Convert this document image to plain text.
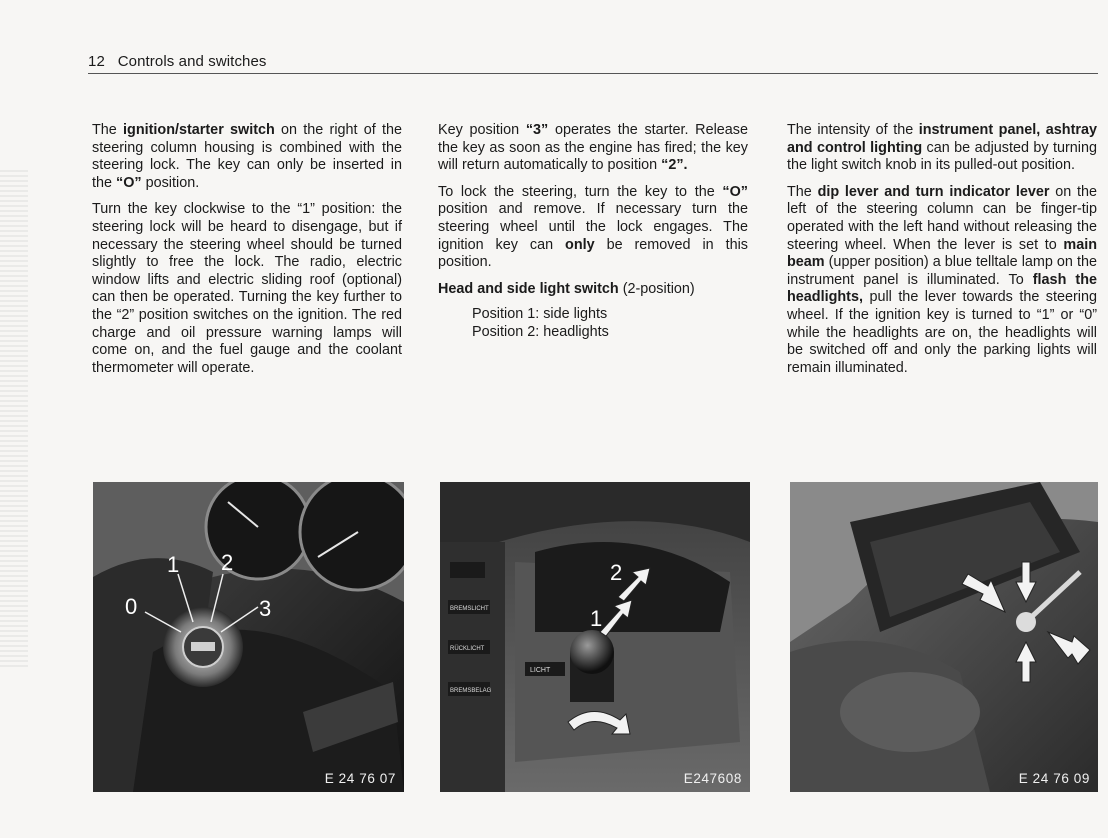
12 Controls and switches

The ignition/starter switch on the right of the steering column housing is combined with the steering lock. The key can only be inserted in the “O” position.

Turn the key clockwise to the “1” position: the steering lock will be heard to disengage, but if necessary the steering wheel should be turned slightly to free the lock. The radio, electric window lifts and electric sliding roof (optional) can then be operated. Turning the key further to the “2” position switches on the ignition. The red charge and oil pressure warning lamps will come on, and the fuel gauge and the coolant thermometer will operate.

Key position “3” operates the starter. Release the key as soon as the engine has fired; the key will return automatically to position “2”.

To lock the steering, turn the key to the “O” position and remove. If necessary turn the steering wheel until the lock engages. The ignition key can only be removed in this position.

Head and side light switch (2-position)
Position 1: side lights
Position 2: headlights

The intensity of the instrument panel, ashtray and control lighting can be adjusted by turning the light switch knob in its pulled-out position.

The dip lever and turn indicator lever on the left of the steering column can be finger-tip operated with the left hand without releasing the steering wheel. When the lever is set to main beam (upper position) a blue telltale lamp on the instrument panel is illuminated. To flash the headlights, pull the lever towards the steering wheel. If the ignition key is turned to “1” or “0” while the headlights are on, the headlights will be switched off and only the parking lights will remain illuminated.

0
1 2
3
E 24 76 07
BREMSLICHT
RÜCKLICHT
BREMSBELAG
LICHT
1
2
E247608	E 24 76 09
